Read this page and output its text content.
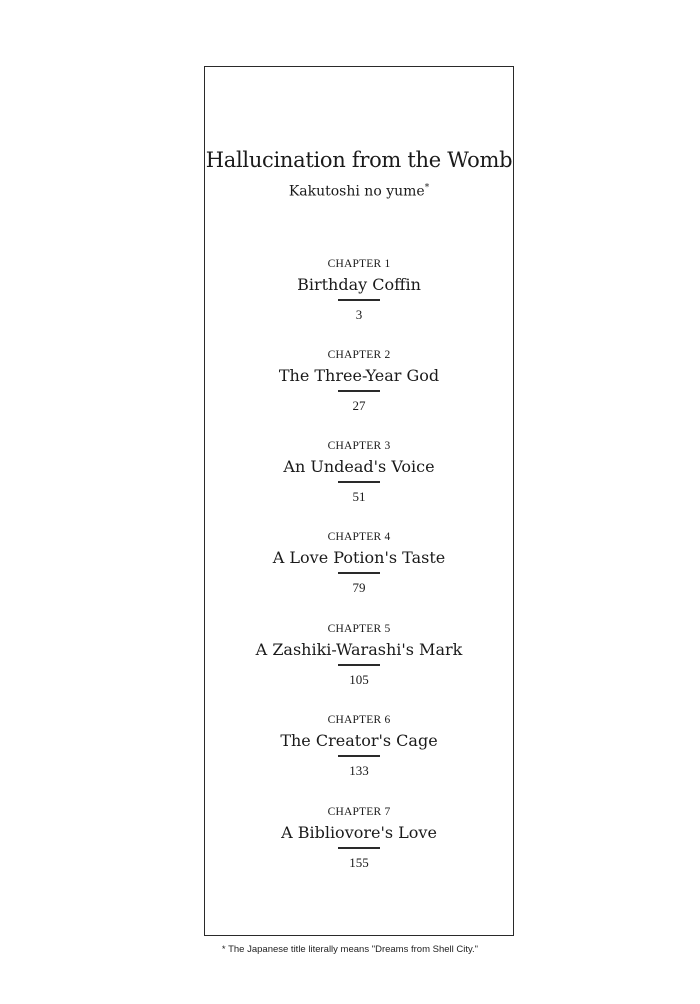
Hallucination from the Womb
Kakutoshi no yume*
CHAPTER 1
Birthday Coffin
3
CHAPTER 2
The Three-Year God
27
CHAPTER 3
An Undead's Voice
51
CHAPTER 4
A Love Potion's Taste
79
CHAPTER 5
A Zashiki-Warashi's Mark
105
CHAPTER 6
The Creator's Cage
133
CHAPTER 7
A Bibliovore's Love
155
* The Japanese title literally means "Dreams from Shell City."
